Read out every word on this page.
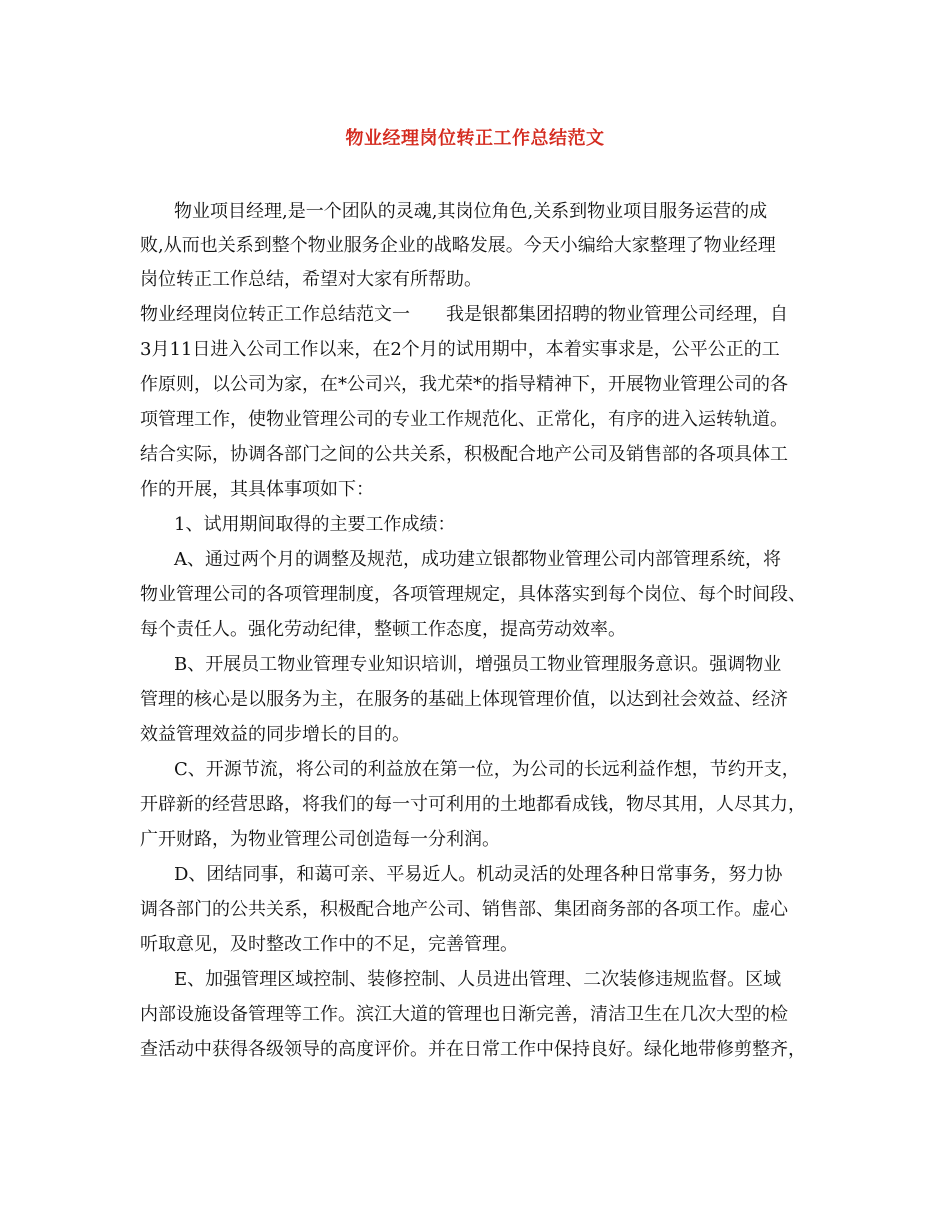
物业经理岗位转正工作总结范文
物业项目经理,是一个团队的灵魂,其岗位角色,关系到物业项目服务运营的成
败,从而也关系到整个物业服务企业的战略发展。今天小编给大家整理了物业经理
岗位转正工作总结，希望对大家有所帮助。
物业经理岗位转正工作总结范文一　　我是银都集团招聘的物业管理公司经理，自
3月11日进入公司工作以来，在2个月的试用期中，本着实事求是，公平公正的工
作原则，以公司为家，在*公司兴，我尤荣*的指导精神下，开展物业管理公司的各
项管理工作，使物业管理公司的专业工作规范化、正常化，有序的进入运转轨道。
结合实际，协调各部门之间的公共关系，积极配合地产公司及销售部的各项具体工
作的开展，其具体事项如下：
1、试用期间取得的主要工作成绩：
A、通过两个月的调整及规范，成功建立银都物业管理公司内部管理系统，将
物业管理公司的各项管理制度，各项管理规定，具体落实到每个岗位、每个时间段、
每个责任人。强化劳动纪律，整顿工作态度，提高劳动效率。
B、开展员工物业管理专业知识培训，增强员工物业管理服务意识。强调物业
管理的核心是以服务为主，在服务的基础上体现管理价值，以达到社会效益、经济
效益管理效益的同步增长的目的。
C、开源节流，将公司的利益放在第一位，为公司的长远利益作想，节约开支，
开辟新的经营思路，将我们的每一寸可利用的土地都看成钱，物尽其用，人尽其力，
广开财路，为物业管理公司创造每一分利润。
D、团结同事，和蔼可亲、平易近人。机动灵活的处理各种日常事务，努力协
调各部门的公共关系，积极配合地产公司、销售部、集团商务部的各项工作。虚心
听取意见，及时整改工作中的不足，完善管理。
E、加强管理区域控制、装修控制、人员进出管理、二次装修违规监督。区域
内部设施设备管理等工作。滨江大道的管理也日渐完善，清洁卫生在几次大型的检
查活动中获得各级领导的高度评价。并在日常工作中保持良好。绿化地带修剪整齐，
